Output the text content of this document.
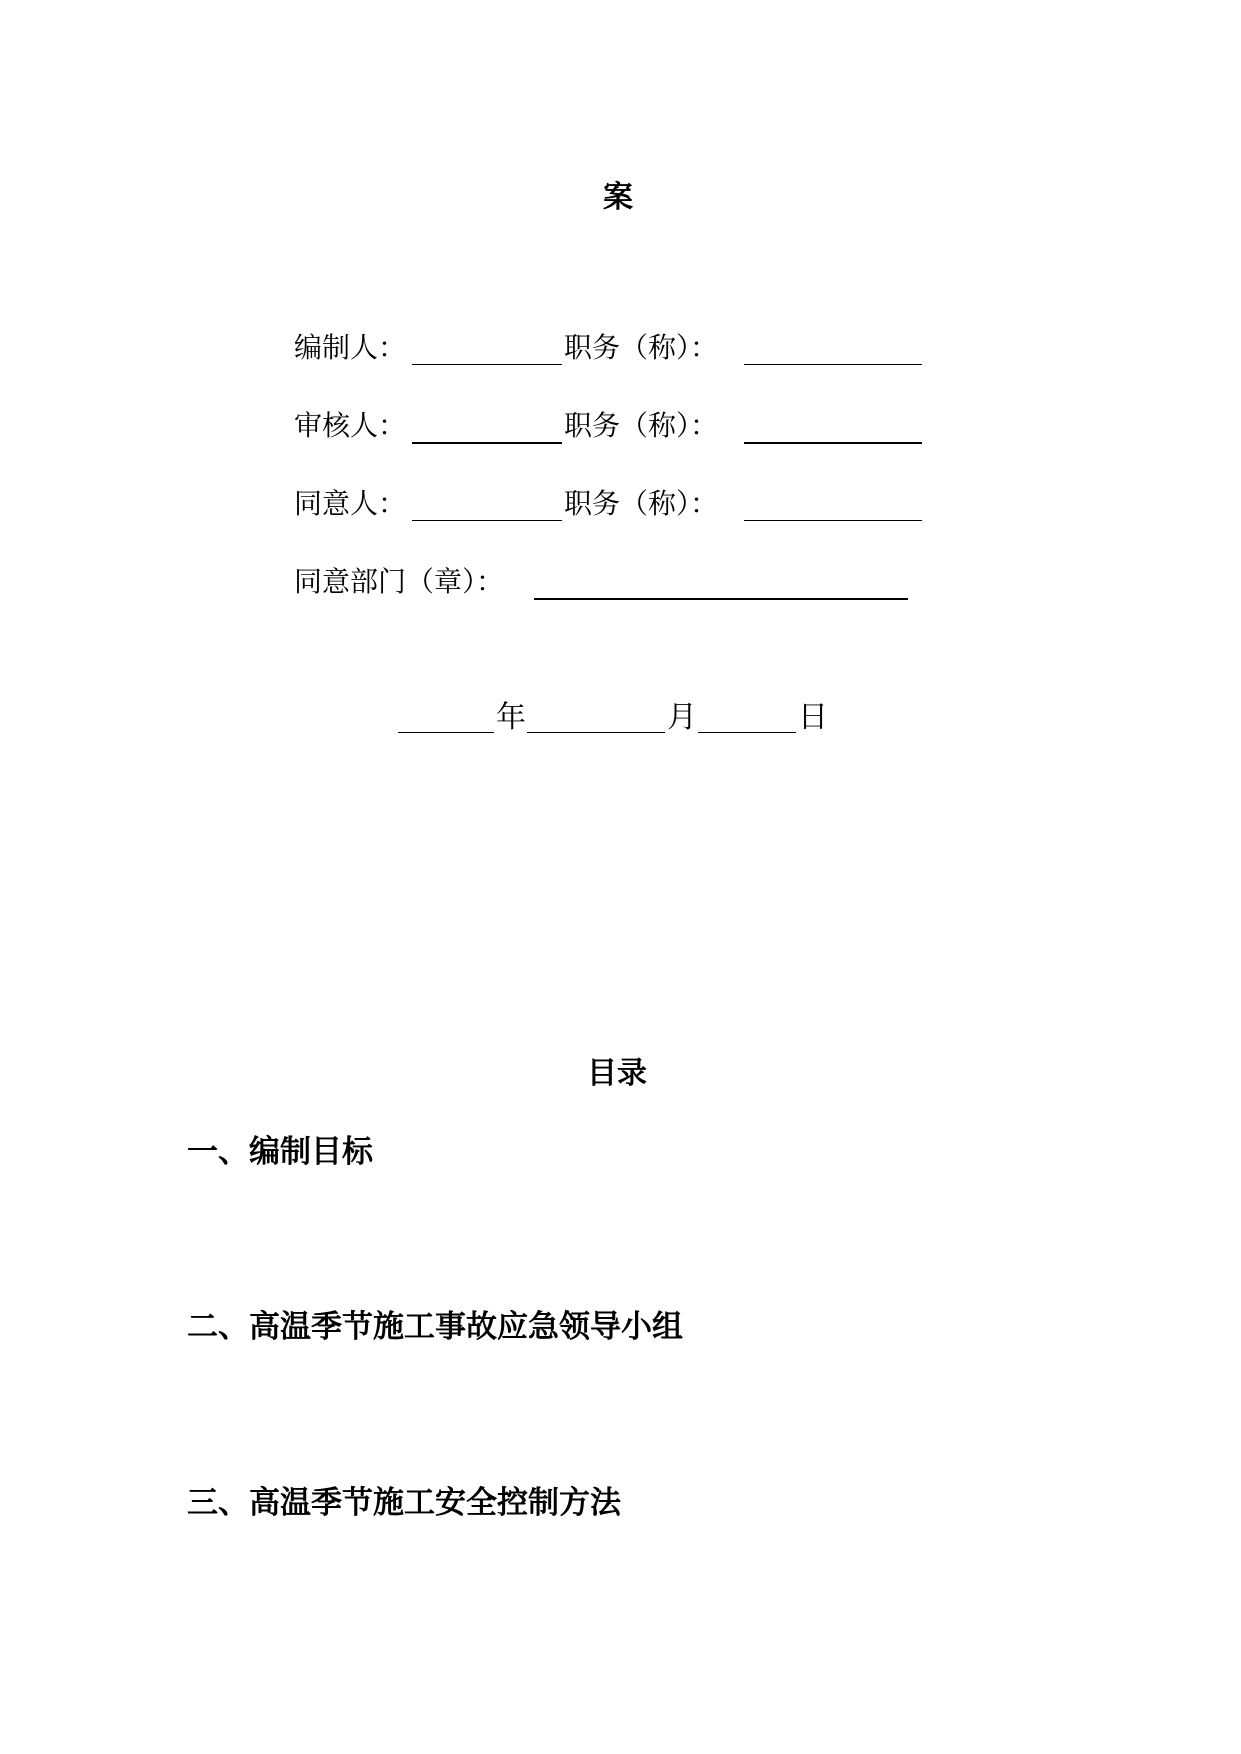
案
编制人：	职务（称）：
审核人：	职务（称）：
同意人：	职务（称）：
同意部门（章）：
年	月	日
目录
一、编制目标
二、高温季节施工事故应急领导小组
三、高温季节施工安全控制方法
